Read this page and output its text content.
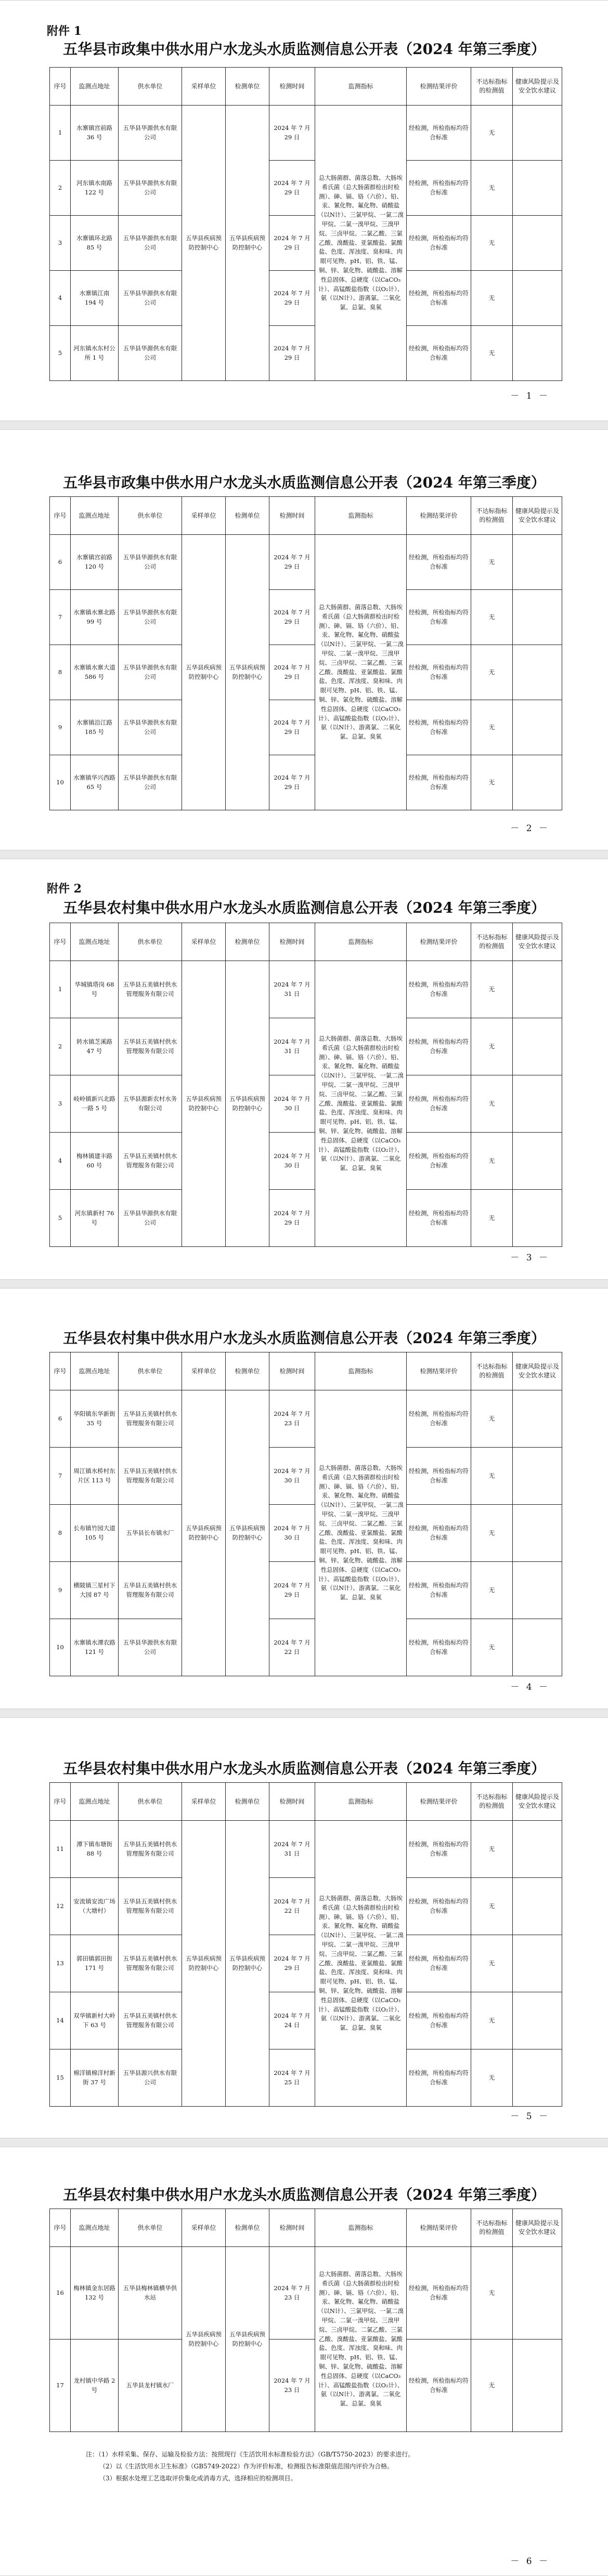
附件 1
五华县市政集中供水用户水龙头水质监测信息公开表（2024 年第三季度）
序号	监测点地址	供水单位	采样单位	检测单位	检测时间	监测指标	检测结果评价	不达标指标的检测值	健康风险提示及安全饮水建议
1	水寨镇宫前路 36 号	五华县华源供水有限公司	五华县疾病预防控制中心	五华县疾病预防控制中心	2024 年 7 月 29 日	总大肠菌群、菌落总数、大肠埃希氏菌（总大肠菌群检出时检测）、砷、镉、铬（六价）、铅、汞、氰化物、氟化物、硝酸盐（以N计）、三氯甲烷、一氯二溴甲烷、二氯一溴甲烷、三溴甲烷、三卤甲烷、二氯乙酸、三氯乙酸、溴酸盐、亚氯酸盐、氯酸盐、色度、浑浊度、臭和味、肉眼可见物、pH、铝、铁、锰、铜、锌、氯化物、硫酸盐、溶解性总固体、总硬度（以CaCO₃计）、高锰酸盐指数（以O₂计）、氨（以N计）、游离氯、二氧化氯、总氯、臭氧	经检测，所检指标均符合标准	无	
2	河东镇水南路 122 号	五华县华源供水有限公司			2024 年 7 月 29 日		经检测，所检指标均符合标准	无	
3	水寨镇环北路 85 号	五华县华源供水有限公司			2024 年 7 月 29 日		经检测，所检指标均符合标准	无	
4	水寨镇江南 194 号	五华县华源供水有限公司			2024 年 7 月 29 日		经检测，所检指标均符合标准	无	
5	河东镇水东村公所 1 号	五华县华源供水有限公司			2024 年 7 月 29 日		经检测，所检指标均符合标准	无	
－ 1 －
五华县市政集中供水用户水龙头水质监测信息公开表（2024 年第三季度）
序号	监测点地址	供水单位	采样单位	检测单位	检测时间	监测指标	检测结果评价	不达标指标的检测值	健康风险提示及安全饮水建议
6	水寨镇宫前路 120 号	五华县华源供水有限公司	五华县疾病预防控制中心	五华县疾病预防控制中心	2024 年 7 月 29 日	总大肠菌群、菌落总数、大肠埃希氏菌（总大肠菌群检出时检测）、砷、镉、铬（六价）、铅、汞、氰化物、氟化物、硝酸盐（以N计）、三氯甲烷、一氯二溴甲烷、二氯一溴甲烷、三溴甲烷、三卤甲烷、二氯乙酸、三氯乙酸、溴酸盐、亚氯酸盐、氯酸盐、色度、浑浊度、臭和味、肉眼可见物、pH、铝、铁、锰、铜、锌、氯化物、硫酸盐、溶解性总固体、总硬度（以CaCO₃计）、高锰酸盐指数（以O₂计）、氨（以N计）、游离氯、二氧化氯、总氯、臭氧	经检测，所检指标均符合标准	无	
7	水寨镇水寨北路 99 号	五华县华源供水有限公司			2024 年 7 月 29 日		经检测，所检指标均符合标准	无	
8	水寨镇水寨大道 586 号	五华县华源供水有限公司			2024 年 7 月 29 日		经检测，所检指标均符合标准	无	
9	水寨镇沿江路 185 号	五华县华源供水有限公司			2024 年 7 月 29 日		经检测，所检指标均符合标准	无	
10	水寨镇华兴西路 65 号	五华县华源供水有限公司			2024 年 7 月 29 日		经检测，所检指标均符合标准	无	
－ 2 －
附件 2
五华县农村集中供水用户水龙头水质监测信息公开表（2024 年第三季度）
序号	监测点地址	供水单位	采样单位	检测单位	检测时间	监测指标	检测结果评价	不达标指标的检测值	健康风险提示及安全饮水建议
1	华城镇塔岗 68 号	五华县五美镇村供水管理服务有限公司	五华县疾病预防控制中心	五华县疾病预防控制中心	2024 年 7 月 31 日	总大肠菌群、菌落总数、大肠埃希氏菌（总大肠菌群检出时检测）、砷、镉、铬（六价）、铅、汞、氰化物、氟化物、硝酸盐（以N计）、三氯甲烷、一氯二溴甲烷、二氯一溴甲烷、三溴甲烷、三卤甲烷、二氯乙酸、三氯乙酸、溴酸盐、亚氯酸盐、氯酸盐、色度、浑浊度、臭和味、肉眼可见物、pH、铝、铁、锰、铜、锌、氯化物、硫酸盐、溶解性总固体、总硬度（以CaCO₃计）、高锰酸盐指数（以O₂计）、氨（以N计）、游离氯、二氧化氯、总氯、臭氧	经检测，所检指标均符合标准	无	
2	转水镇芝溪路 47 号	五华县五美镇村供水管理服务有限公司			2024 年 7 月 31 日		经检测，所检指标均符合标准	无	
3	岐岭镇新兴北路一路 5 号	五华县源新农村水务有限公司			2024 年 7 月 30 日		经检测，所检指标均符合标准	无	
4	梅林镇建丰路 60 号	五华县五美镇村供水管理服务有限公司			2024 年 7 月 30 日		经检测，所检指标均符合标准	无	
5	河东镇新村 76 号	五华县华源供水有限公司			2024 年 7 月 29 日		经检测，所检指标均符合标准	无	
－ 3 －
五华县农村集中供水用户水龙头水质监测信息公开表（2024 年第三季度）
序号	监测点地址	供水单位	采样单位	检测单位	检测时间	监测指标	检测结果评价	不达标指标的检测值	健康风险提示及安全饮水建议
6	华阳镇东华新街 35 号	五华县五美镇村供水管理服务有限公司	五华县疾病预防控制中心	五华县疾病预防控制中心	2024 年 7 月 23 日	总大肠菌群、菌落总数、大肠埃希氏菌（总大肠菌群检出时检测）、砷、镉、铬（六价）、铅、汞、氰化物、氟化物、硝酸盐（以N计）、三氯甲烷、一氯二溴甲烷、二氯一溴甲烷、三溴甲烷、三卤甲烷、二氯乙酸、三氯乙酸、溴酸盐、亚氯酸盐、氯酸盐、色度、浑浊度、臭和味、肉眼可见物、pH、铝、铁、锰、铜、锌、氯化物、硫酸盐、溶解性总固体、总硬度（以CaCO₃计）、高锰酸盐指数（以O₂计）、氨（以N计）、游离氯、二氧化氯、总氯、臭氧	经检测，所检指标均符合标准	无	
7	周江镇水桥村东片区 113 号	五华县五美镇村供水管理服务有限公司			2024 年 7 月 30 日		经检测，所检指标均符合标准	无	
8	长布镇竹园大道 105 号	五华县长布镇水厂			2024 年 7 月 30 日		经检测，所检指标均符合标准	无	
9	横陂镇三星村下大园 87 号	五华县五美镇村供水管理服务有限公司			2024 年 7 月 29 日		经检测，所检指标均符合标准	无	
10	水寨镇水潭农路 121 号	五华县华源供水有限公司			2024 年 7 月 22 日		经检测，所检指标均符合标准	无	
－ 4 －
五华县农村集中供水用户水龙头水质监测信息公开表（2024 年第三季度）
序号	监测点地址	供水单位	采样单位	检测单位	检测时间	监测指标	检测结果评价	不达标指标的检测值	健康风险提示及安全饮水建议
11	潭下镇布塘街 88 号	五华县五美镇村供水管理服务有限公司	五华县疾病预防控制中心	五华县疾病预防控制中心	2024 年 7 月 31 日	总大肠菌群、菌落总数、大肠埃希氏菌（总大肠菌群检出时检测）、砷、镉、铬（六价）、铅、汞、氰化物、氟化物、硝酸盐（以N计）、三氯甲烷、一氯二溴甲烷、二氯一溴甲烷、三溴甲烷、三卤甲烷、二氯乙酸、三氯乙酸、溴酸盐、亚氯酸盐、氯酸盐、色度、浑浊度、臭和味、肉眼可见物、pH、铝、铁、锰、铜、锌、氯化物、硫酸盐、溶解性总固体、总硬度（以CaCO₃计）、高锰酸盐指数（以O₂计）、氨（以N计）、游离氯、二氧化氯、总氯、臭氧	经检测，所检指标均符合标准	无	
12	安流镇安流广场（大塘村）	五华县五美镇村供水管理服务有限公司			2024 年 7 月 22 日		经检测，所检指标均符合标准	无	
13	郭田镇郭田街 171 号	五华县五美镇村供水管理服务有限公司			2024 年 7 月 29 日		经检测，所检指标均符合标准	无	
14	双华镇新村大岭下 63 号	五华县五美镇村供水管理服务有限公司			2024 年 7 月 24 日		经检测，所检指标均符合标准	无	
15	棉洋镇棉洋村新街 37 号	五华县源兴供水有限公司			2024 年 7 月 25 日		经检测，所检指标均符合标准	无	
－ 5 －
五华县农村集中供水用户水龙头水质监测信息公开表（2024 年第三季度）
序号	监测点地址	供水单位	采样单位	检测单位	检测时间	监测指标	检测结果评价	不达标指标的检测值	健康风险提示及安全饮水建议
16	梅林镇金东居路 132 号	五华县梅林镇横华供水站	五华县疾病预防控制中心	五华县疾病预防控制中心	2024 年 7 月 23 日	总大肠菌群、菌落总数、大肠埃希氏菌（总大肠菌群检出时检测）、砷、镉、铬（六价）、铅、汞、氰化物、氟化物、硝酸盐（以N计）、三氯甲烷、一氯二溴甲烷、二氯一溴甲烷、三溴甲烷、三卤甲烷、二氯乙酸、三氯乙酸、溴酸盐、亚氯酸盐、氯酸盐、色度、浑浊度、臭和味、肉眼可见物、pH、铝、铁、锰、铜、锌、氯化物、硫酸盐、溶解性总固体、总硬度（以CaCO₃计）、高锰酸盐指数（以O₂计）、氨（以N计）、游离氯、二氧化氯、总氯、臭氧	经检测，所检指标均符合标准	无	
17	龙村镇中华路 2 号	五华县龙村镇水厂			2024 年 7 月 23 日		经检测，所检指标均符合标准	无	
注：（1）水样采集、保存、运输及检验方法：按照现行《生活饮用水标准检验方法》（GB/T5750-2023）的要求进行。
（2）以《生活饮用水卫生标准》（GB5749-2022）作为评价标准，检测报告标准限值范围内评价为合格。
（3）根据水处理工艺选取评价集化或消毒方式，选择相应的检测项目。
－ 6 －
